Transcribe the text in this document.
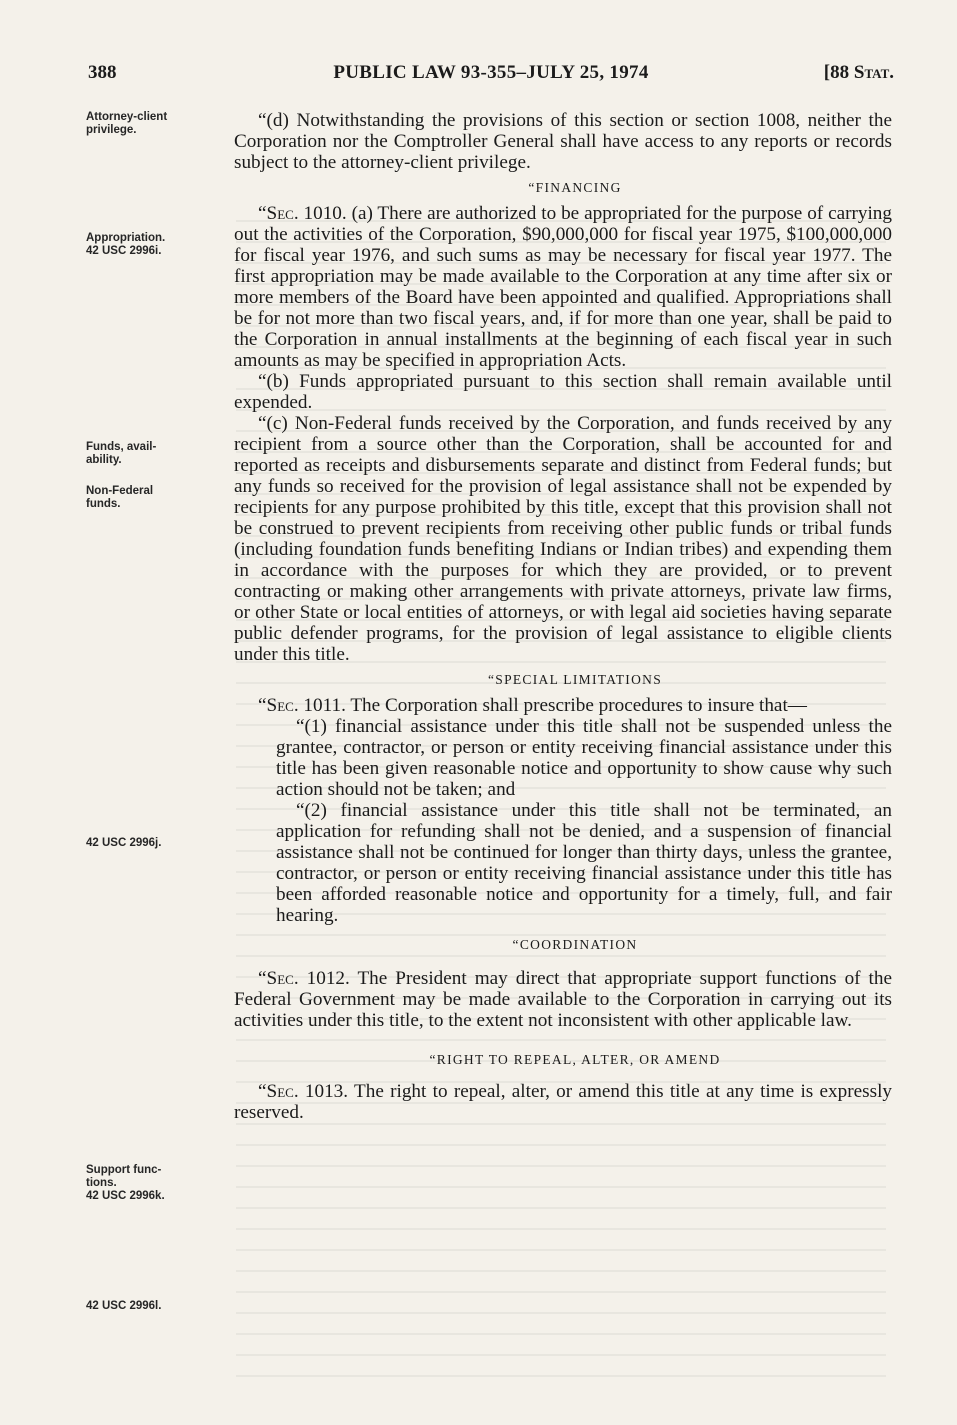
388	PUBLIC LAW 93-355–JULY 25, 1974	[88 Stat.
Attorney-client
privilege.
Appropriation.
42 USC 2996i.
Funds, avail-
ability.
Non-Federal
funds.
42 USC 2996j.
Support func-
tions.
42 USC 2996k.
42 USC 2996l.

“(d) Notwithstanding the provisions of this section or section 1008, neither the Corporation nor the Comptroller General shall have access to any reports or records subject to the attorney-client privilege.

“FINANCING

“Sec. 1010. (a) There are authorized to be appropriated for the purpose of carrying out the activities of the Corporation, $90,000,000 for fiscal year 1975, $100,000,000 for fiscal year 1976, and such sums as may be necessary for fiscal year 1977. The first appropriation may be made available to the Corporation at any time after six or more members of the Board have been appointed and qualified. Appropriations shall be for not more than two fiscal years, and, if for more than one year, shall be paid to the Corporation in annual installments at the beginning of each fiscal year in such amounts as may be specified in appropriation Acts.

“(b) Funds appropriated pursuant to this section shall remain available until expended.

“(c) Non-Federal funds received by the Corporation, and funds received by any recipient from a source other than the Corporation, shall be accounted for and reported as receipts and disbursements separate and distinct from Federal funds; but any funds so received for the provision of legal assistance shall not be expended by recipients for any purpose prohibited by this title, except that this provision shall not be construed to prevent recipients from receiving other public funds or tribal funds (including foundation funds benefiting Indians or Indian tribes) and expending them in accordance with the purposes for which they are provided, or to prevent contracting or making other arrangements with private attorneys, private law firms, or other State or local entities of attorneys, or with legal aid societies having separate public defender programs, for the provision of legal assistance to eligible clients under this title.

“SPECIAL LIMITATIONS

“Sec. 1011. The Corporation shall prescribe procedures to insure that—

“(1) financial assistance under this title shall not be suspended unless the grantee, contractor, or person or entity receiving financial assistance under this title has been given reasonable notice and opportunity to show cause why such action should not be taken; and

“(2) financial assistance under this title shall not be terminated, an application for refunding shall not be denied, and a suspension of financial assistance shall not be continued for longer than thirty days, unless the grantee, contractor, or person or entity receiving financial assistance under this title has been afforded reasonable notice and opportunity for a timely, full, and fair hearing.

“COORDINATION

“Sec. 1012. The President may direct that appropriate support functions of the Federal Government may be made available to the Corporation in carrying out its activities under this title, to the extent not inconsistent with other applicable law.

“RIGHT TO REPEAL, ALTER, OR AMEND

“Sec. 1013. The right to repeal, alter, or amend this title at any time is expressly reserved.
